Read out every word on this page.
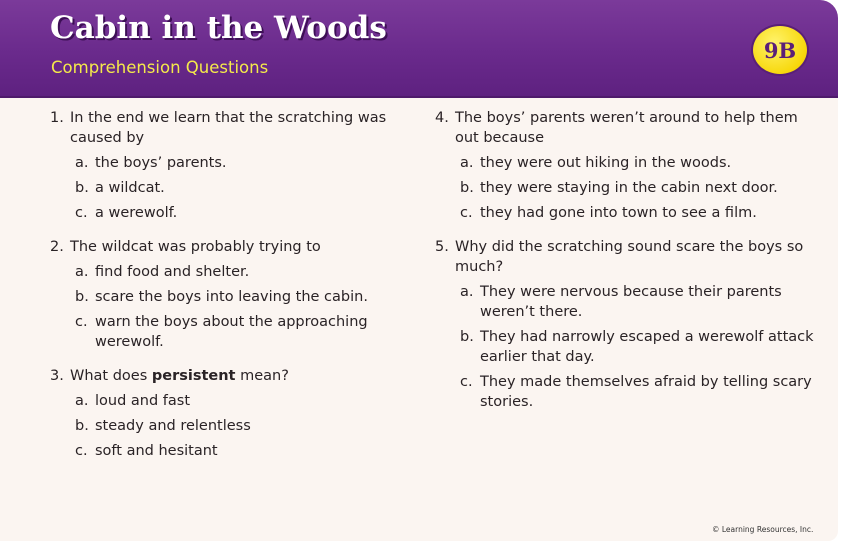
Cabin in the Woods
Comprehension Questions
9B
1. In the end we learn that the scratching was caused by
a. the boys’ parents.
b. a wildcat.
c. a werewolf.
2. The wildcat was probably trying to
a. find food and shelter.
b. scare the boys into leaving the cabin.
c. warn the boys about the approaching werewolf.
3. What does persistent mean?
a. loud and fast
b. steady and relentless
c. soft and hesitant
4. The boys’ parents weren’t around to help them out because
a. they were out hiking in the woods.
b. they were staying in the cabin next door.
c. they had gone into town to see a film.
5. Why did the scratching sound scare the boys so much?
a. They were nervous because their parents weren’t there.
b. They had narrowly escaped a werewolf attack earlier that day.
c. They made themselves afraid by telling scary stories.
© Learning Resources, Inc.
